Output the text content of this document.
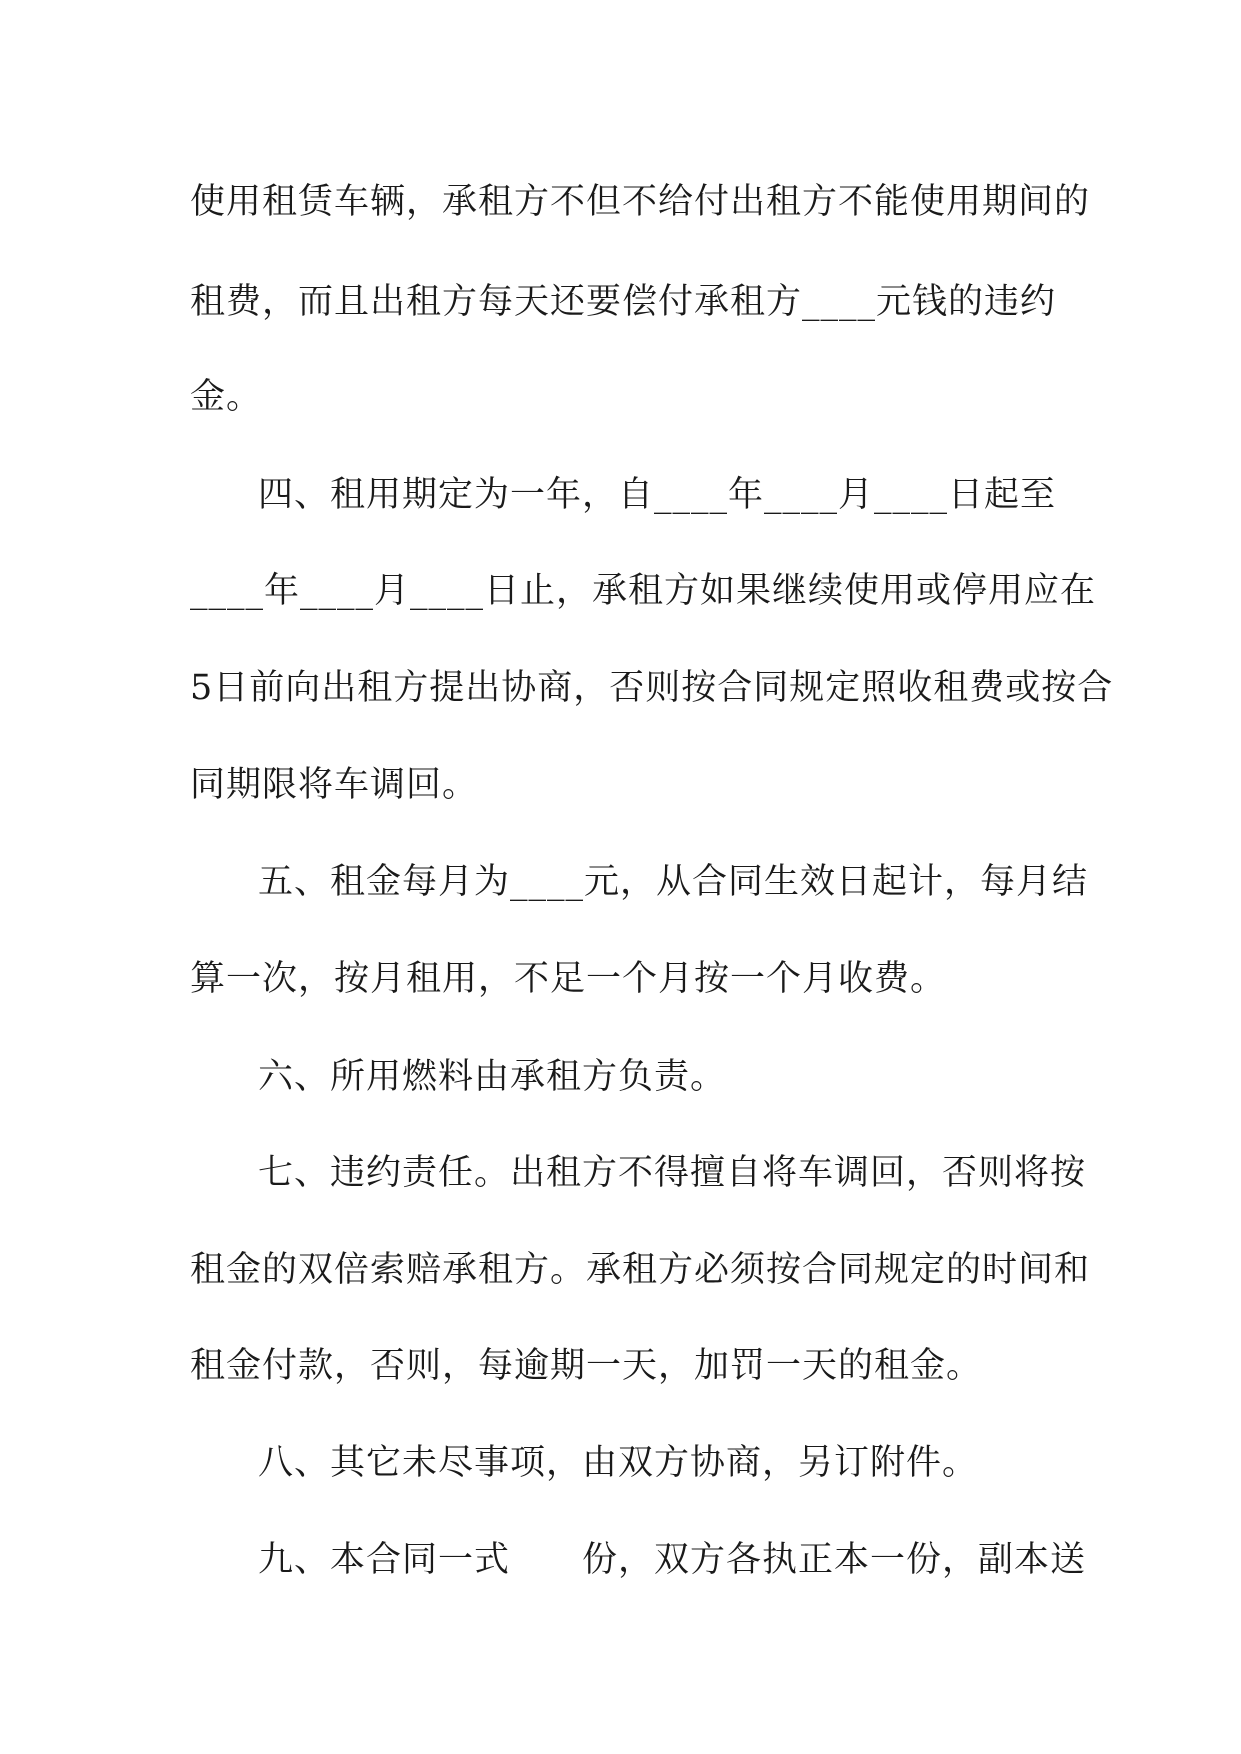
使用租赁车辆，承租方不但不给付出租方不能使用期间的
租费，而且出租方每天还要偿付承租方____元钱的违约
金。
四、租用期定为一年，自____年____月____日起至
____年____月____日止，承租方如果继续使用或停用应在
5日前向出租方提出协商，否则按合同规定照收租费或按合
同期限将车调回。
五、租金每月为____元，从合同生效日起计，每月结
算一次，按月租用，不足一个月按一个月收费。
六、所用燃料由承租方负责。
七、违约责任。出租方不得擅自将车调回，否则将按
租金的双倍索赔承租方。承租方必须按合同规定的时间和
租金付款，否则，每逾期一天，加罚一天的租金。
八、其它未尽事项，由双方协商，另订附件。
九、本合同一式　　份，双方各执正本一份，副本送
